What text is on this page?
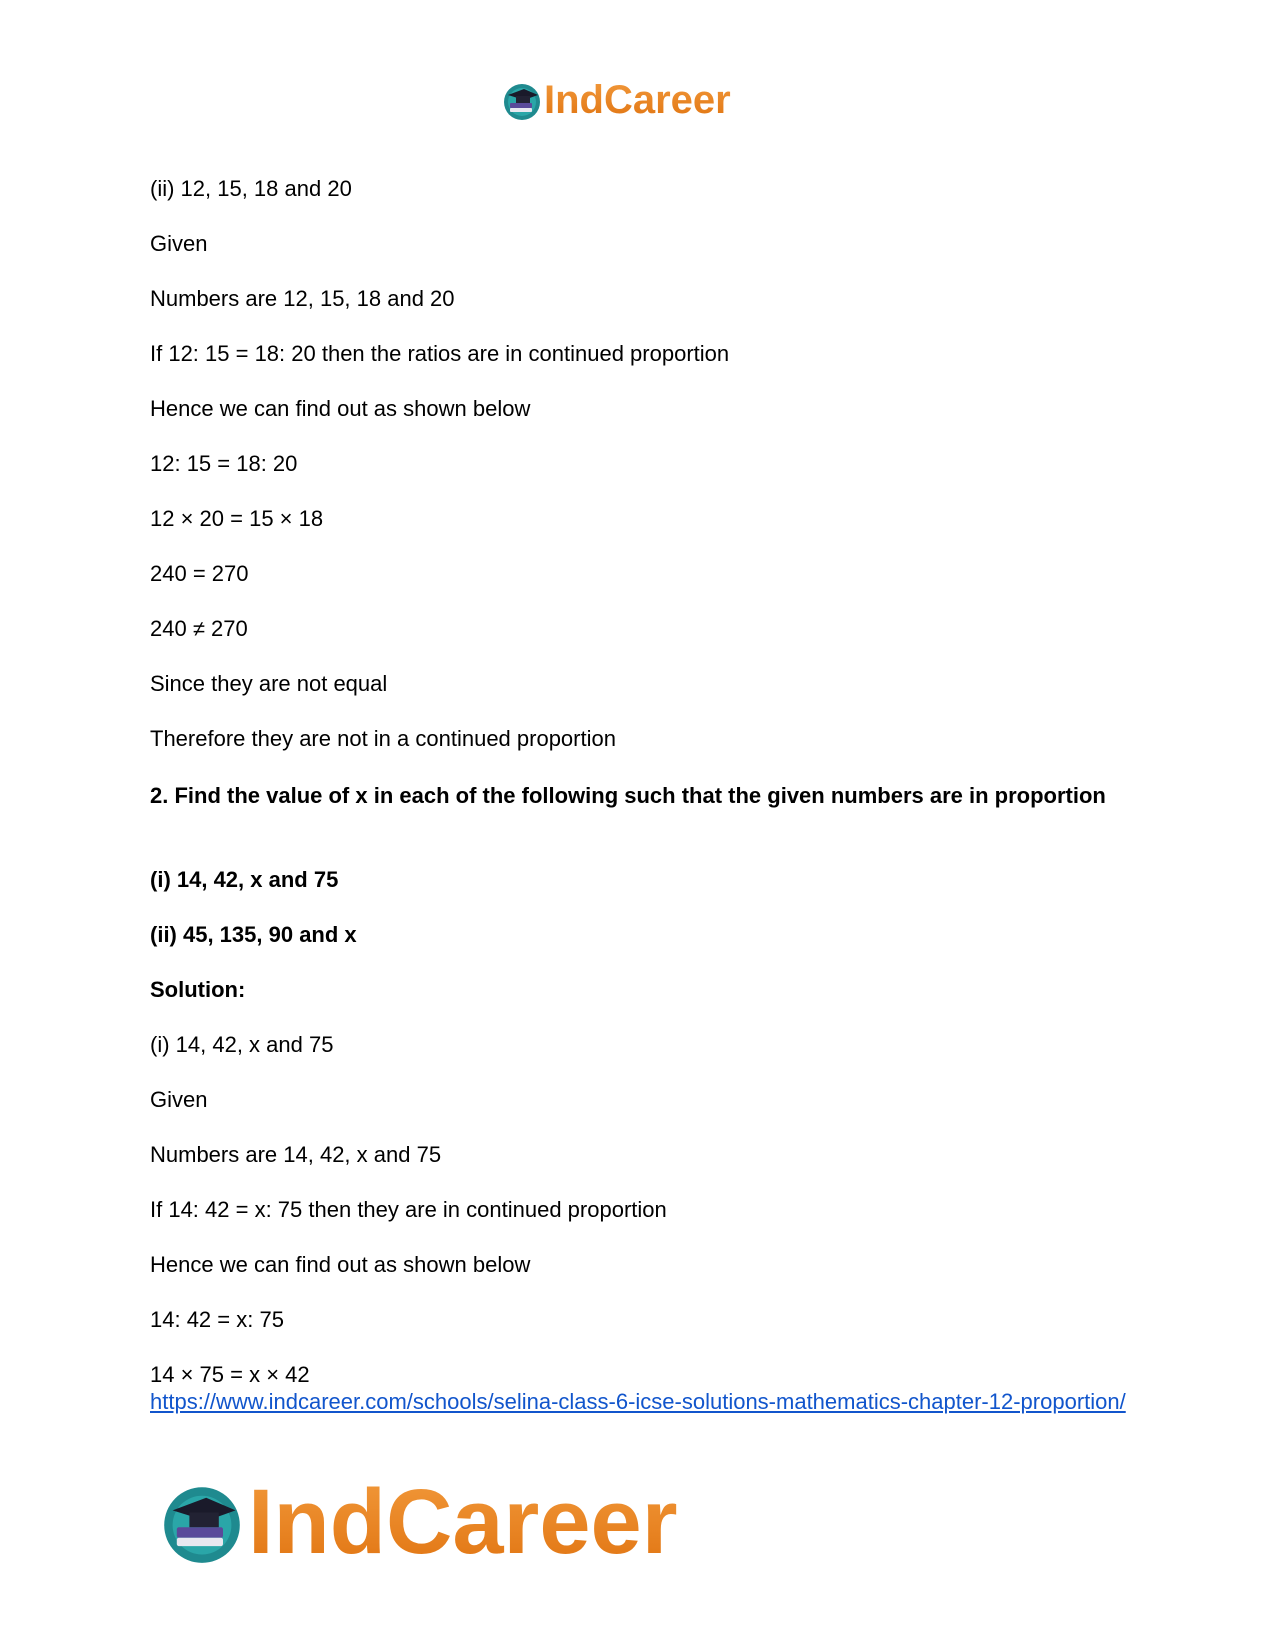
IndCareer
(ii) 12, 15, 18 and 20
Given
Numbers are 12, 15, 18 and 20
If 12: 15 = 18: 20 then the ratios are in continued proportion
Hence we can find out as shown below
12: 15 = 18: 20
12 × 20 = 15 × 18
240 = 270
240 ≠ 270
Since they are not equal
Therefore they are not in a continued proportion
2. Find the value of x in each of the following such that the given numbers are in proportion
(i) 14, 42, x and 75
(ii) 45, 135, 90 and x
Solution:
(i) 14, 42, x and 75
Given
Numbers are 14, 42, x and 75
If 14: 42 = x: 75 then they are in continued proportion
Hence we can find out as shown below
14: 42 = x: 75
14 × 75 = x × 42
https://www.indcareer.com/schools/selina-class-6-icse-solutions-mathematics-chapter-12-proportion/
IndCareer
